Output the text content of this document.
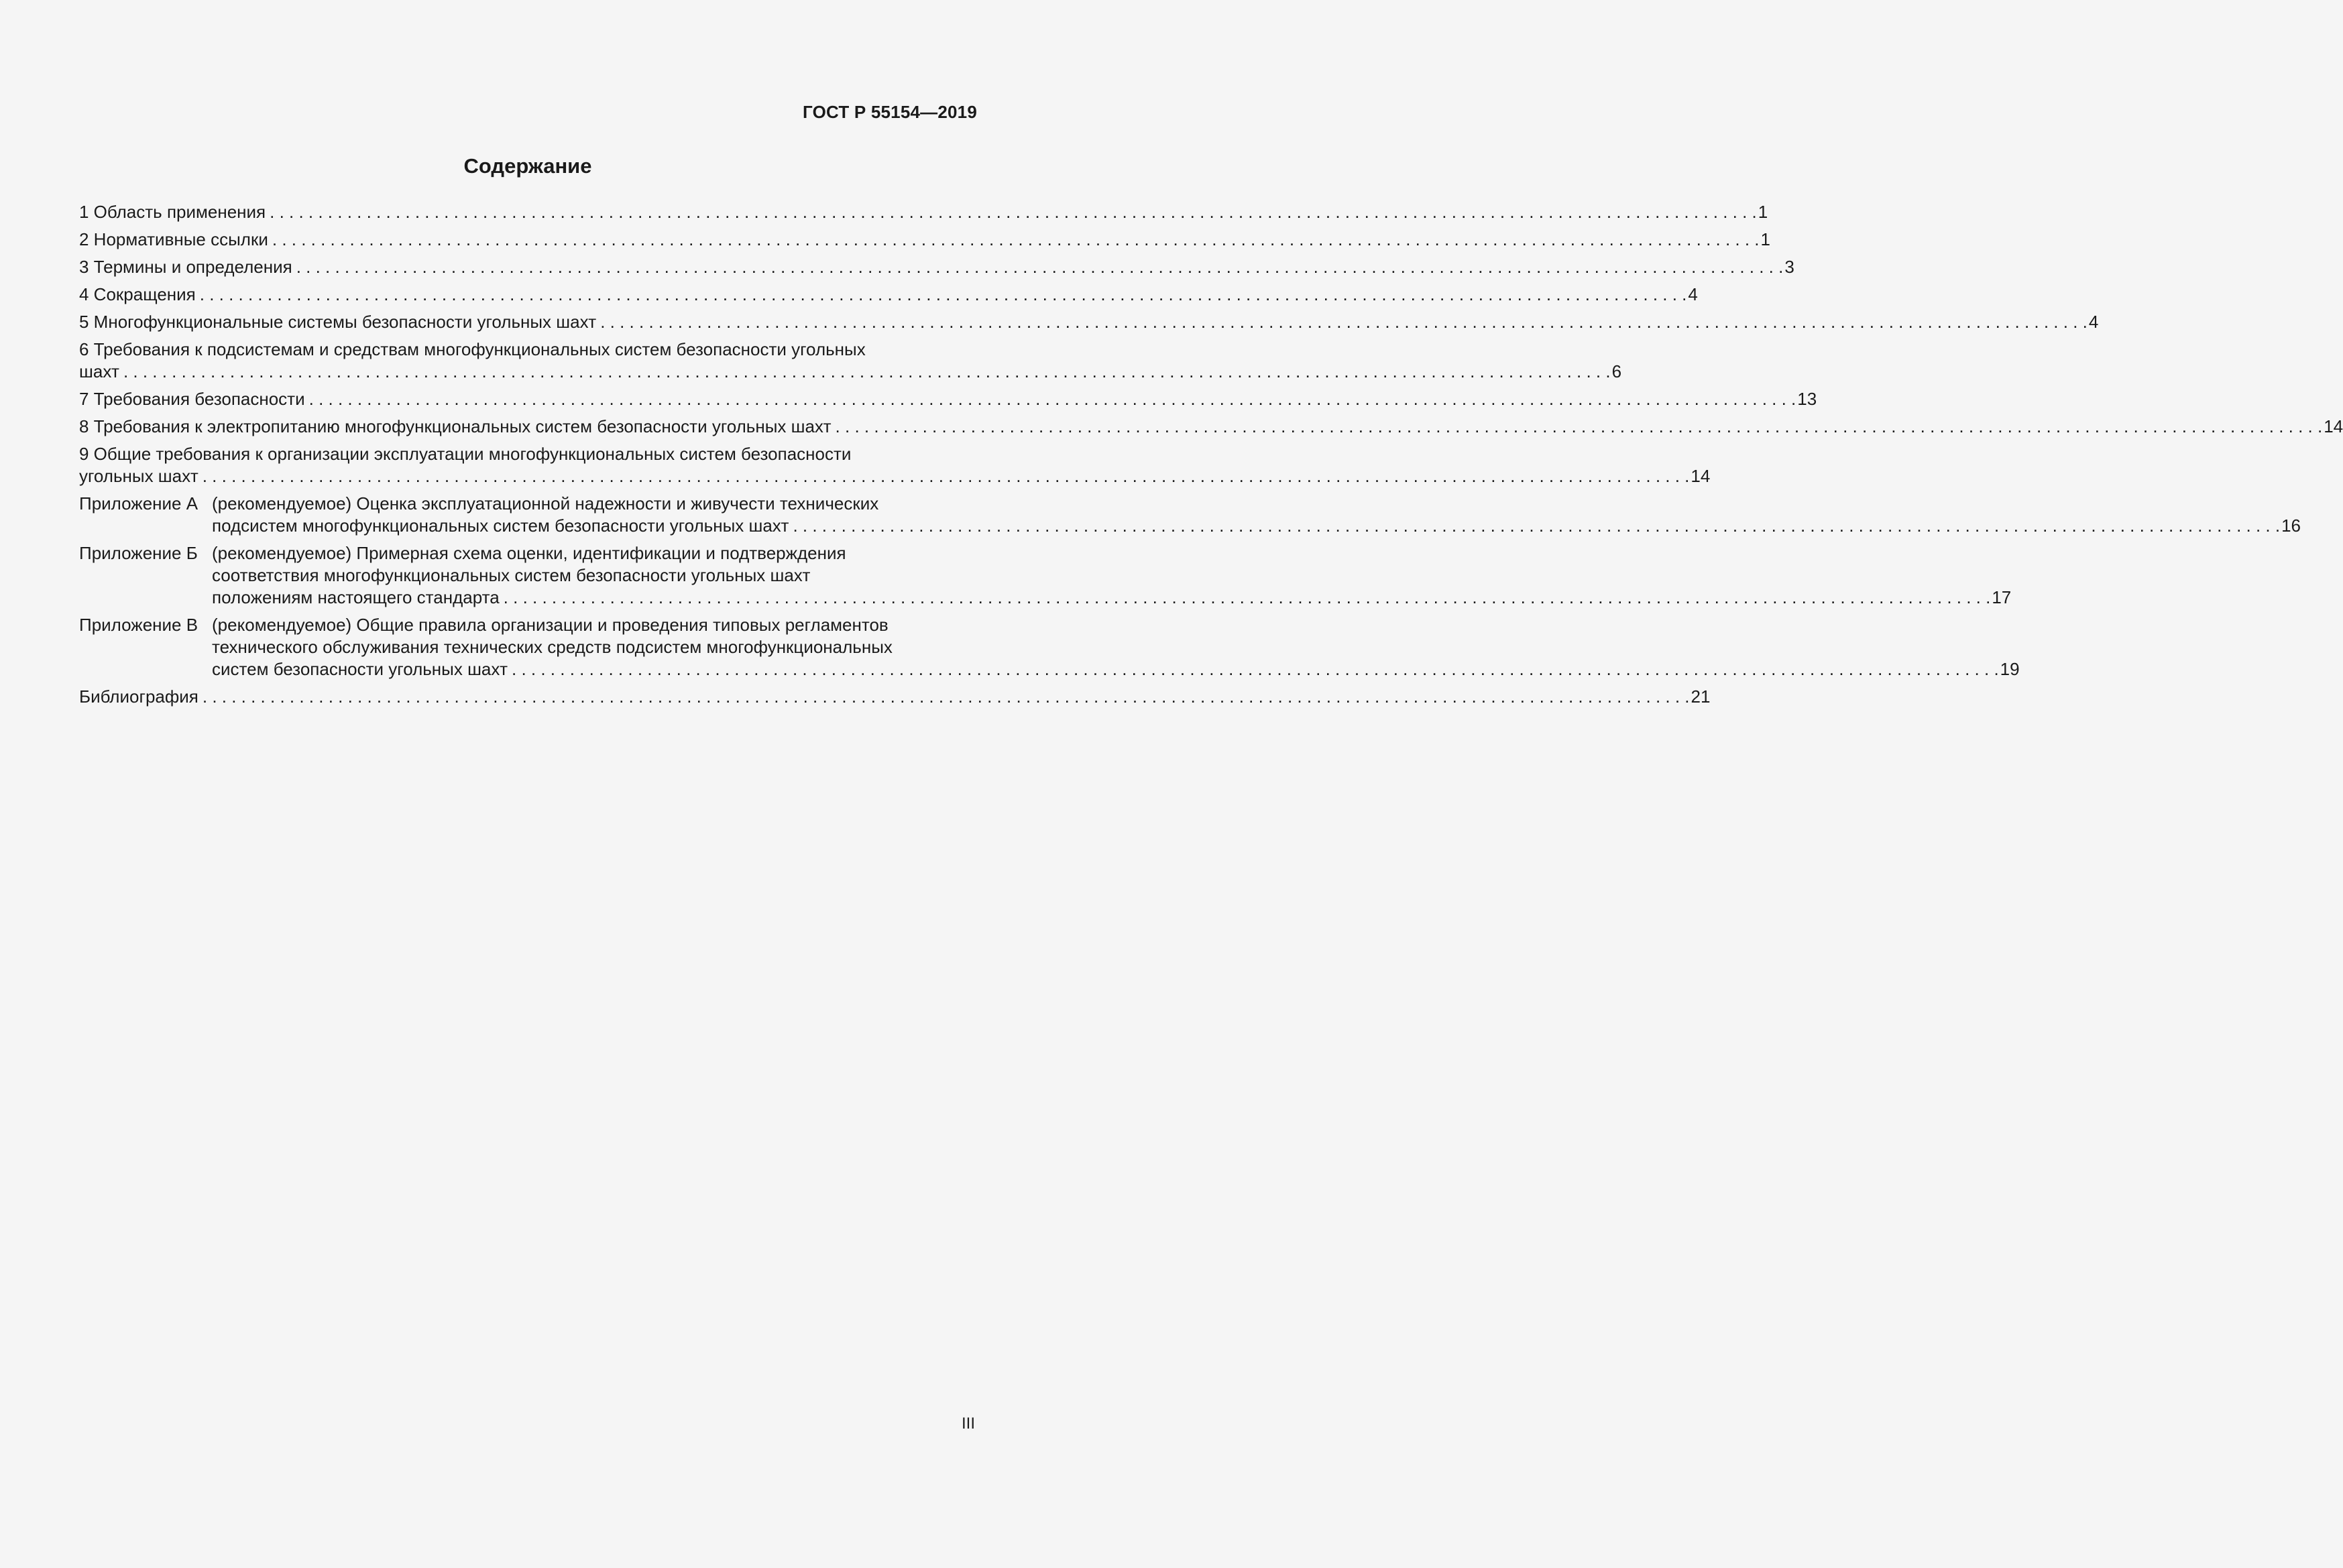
ГОСТ Р 55154—2019
Содержание
1 Область применения . . .	1
2 Нормативные ссылки . . .	1
3 Термины и определения . . .	3
4 Сокращения . . .	4
5 Многофункциональные системы безопасности угольных шахт . . .	4
6 Требования к подсистемам и средствам многофункциональных систем безопасности угольных
шахт . . .	6
7 Требования безопасности . . .	13
8 Требования к электропитанию многофункциональных систем безопасности угольных шахт . . .	14
9 Общие требования к организации эксплуатации многофункциональных систем безопасности
угольных шахт . . .	14
Приложение А (рекомендуемое) Оценка эксплуатационной надежности и живучести технических
подсистем многофункциональных систем безопасности угольных шахт . . .	16
Приложение Б (рекомендуемое) Примерная схема оценки, идентификации и подтверждения
соответствия многофункциональных систем безопасности угольных шахт
положениям настоящего стандарта . . .	17
Приложение В (рекомендуемое) Общие правила организации и проведения типовых регламентов
технического обслуживания технических средств подсистем многофункциональных
систем безопасности угольных шахт . . .	19
Библиография . . .	21
III
